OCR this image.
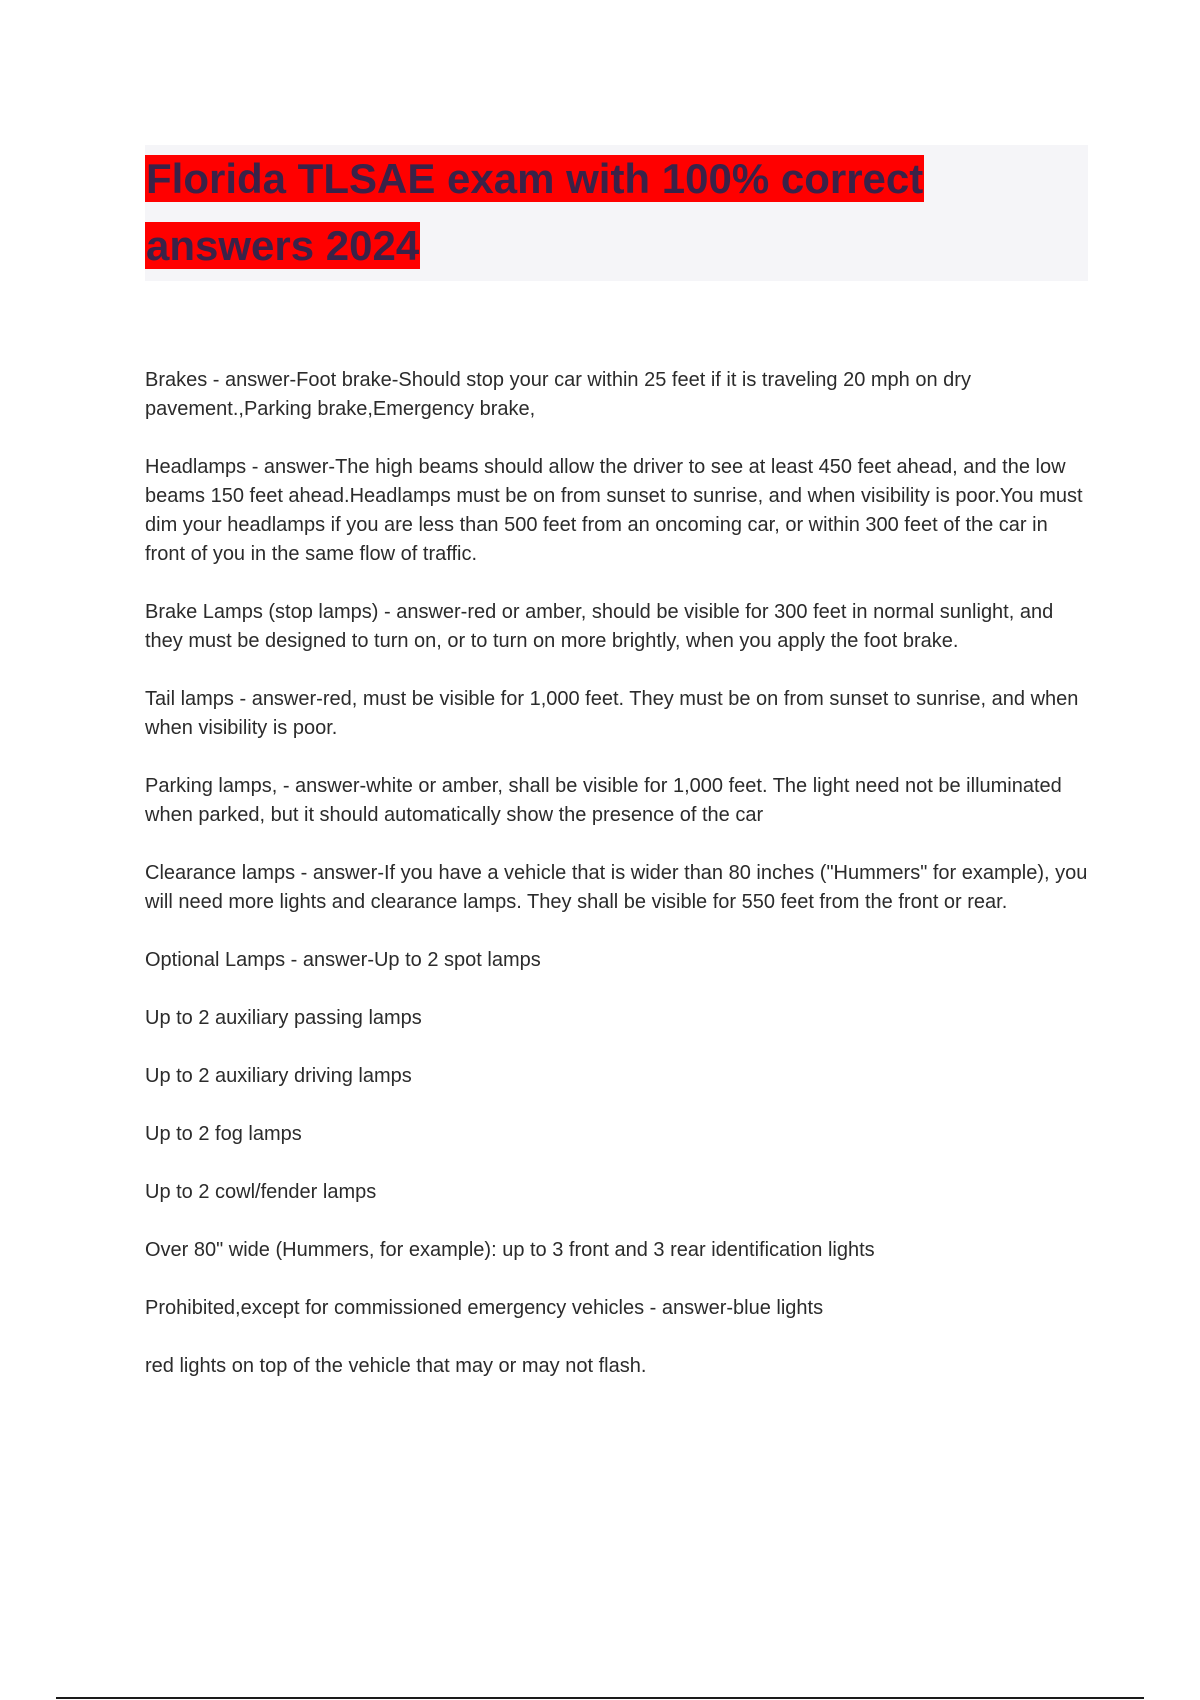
Florida TLSAE exam with 100% correct answers 2024

Brakes - answer-Foot brake-Should stop your car within 25 feet if it is traveling 20 mph on dry pavement.,Parking brake,Emergency brake,

Headlamps - answer-The high beams should allow the driver to see at least 450 feet ahead, and the low beams 150 feet ahead.Headlamps must be on from sunset to sunrise, and when visibility is poor.You must dim your headlamps if you are less than 500 feet from an oncoming car, or within 300 feet of the car in front of you in the same flow of traffic.

Brake Lamps (stop lamps) - answer-red or amber, should be visible for 300 feet in normal sunlight, and they must be designed to turn on, or to turn on more brightly, when you apply the foot brake.

Tail lamps - answer-red, must be visible for 1,000 feet. They must be on from sunset to sunrise, and when when visibility is poor.

Parking lamps, - answer-white or amber, shall be visible for 1,000 feet. The light need not be illuminated when parked, but it should automatically show the presence of the car

Clearance lamps - answer-If you have a vehicle that is wider than 80 inches ("Hummers" for example), you will need more lights and clearance lamps. They shall be visible for 550 feet from the front or rear.

Optional Lamps - answer-Up to 2 spot lamps

Up to 2 auxiliary passing lamps

Up to 2 auxiliary driving lamps

Up to 2 fog lamps

Up to 2 cowl/fender lamps

Over 80" wide (Hummers, for example): up to 3 front and 3 rear identification lights

Prohibited,except for commissioned emergency vehicles - answer-blue lights

red lights on top of the vehicle that may or may not flash.
